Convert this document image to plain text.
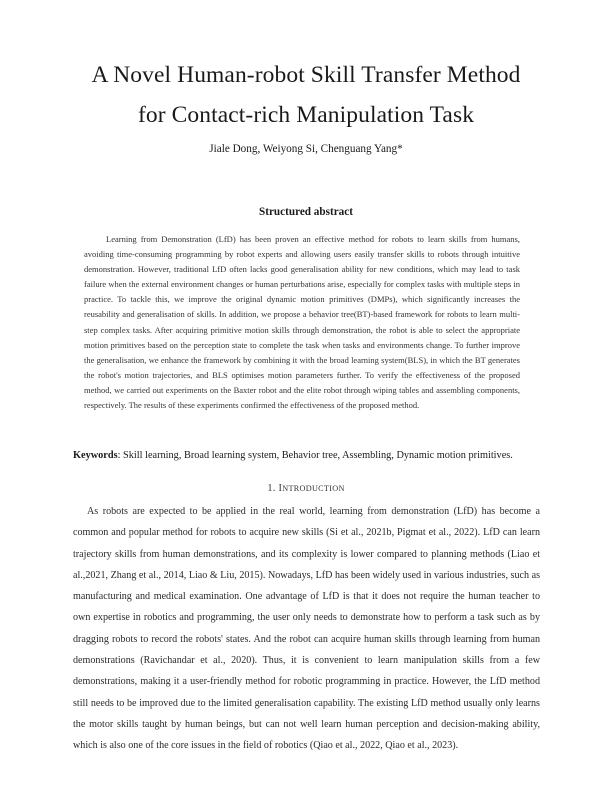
A Novel Human-robot Skill Transfer Method
for Contact-rich Manipulation Task
Jiale Dong, Weiyong Si, Chenguang Yang*
Structured abstract

Learning from Demonstration (LfD) has been proven an effective method for robots to learn skills from humans, avoiding time-consuming programming by robot experts and allowing users easily transfer skills to robots through intuitive demonstration. However, traditional LfD often lacks good generalisation ability for new conditions, which may lead to task failure when the external environment changes or human perturbations arise, especially for complex tasks with multiple steps in practice. To tackle this, we improve the original dynamic motion primitives (DMPs), which significantly increases the reusability and generalisation of skills. In addition, we propose a behavior tree(BT)-based framework for robots to learn multi-step complex tasks. After acquiring primitive motion skills through demonstration, the robot is able to select the appropriate motion primitives based on the perception state to complete the task when tasks and environments change. To further improve the generalisation, we enhance the framework by combining it with the broad learning system(BLS), in which the BT generates the robot's motion trajectories, and BLS optimises motion parameters further. To verify the effectiveness of the proposed method, we carried out experiments on the Baxter robot and the elite robot through wiping tables and assembling components, respectively. The results of these experiments confirmed the effectiveness of the proposed method.

Keywords: Skill learning, Broad learning system, Behavior tree, Assembling, Dynamic motion primitives.

1. INTRODUCTION

As robots are expected to be applied in the real world, learning from demonstration (LfD) has become a common and popular method for robots to acquire new skills (Si et al., 2021b, Pigmat et al., 2022). LfD can learn trajectory skills from human demonstrations, and its complexity is lower compared to planning methods (Liao et al.,2021, Zhang et al., 2014, Liao & Liu, 2015). Nowadays, LfD has been widely used in various industries, such as manufacturing and medical examination. One advantage of LfD is that it does not require the human teacher to own expertise in robotics and programming, the user only needs to demonstrate how to perform a task such as by dragging robots to record the robots' states. And the robot can acquire human skills through learning from human demonstrations (Ravichandar et al., 2020). Thus, it is convenient to learn manipulation skills from a few demonstrations, making it a user-friendly method for robotic programming in practice. However, the LfD method still needs to be improved due to the limited generalisation capability. The existing LfD method usually only learns the motor skills taught by human beings, but can not well learn human perception and decision-making ability, which is also one of the core issues in the field of robotics (Qiao et al., 2022, Qiao et al., 2023).
